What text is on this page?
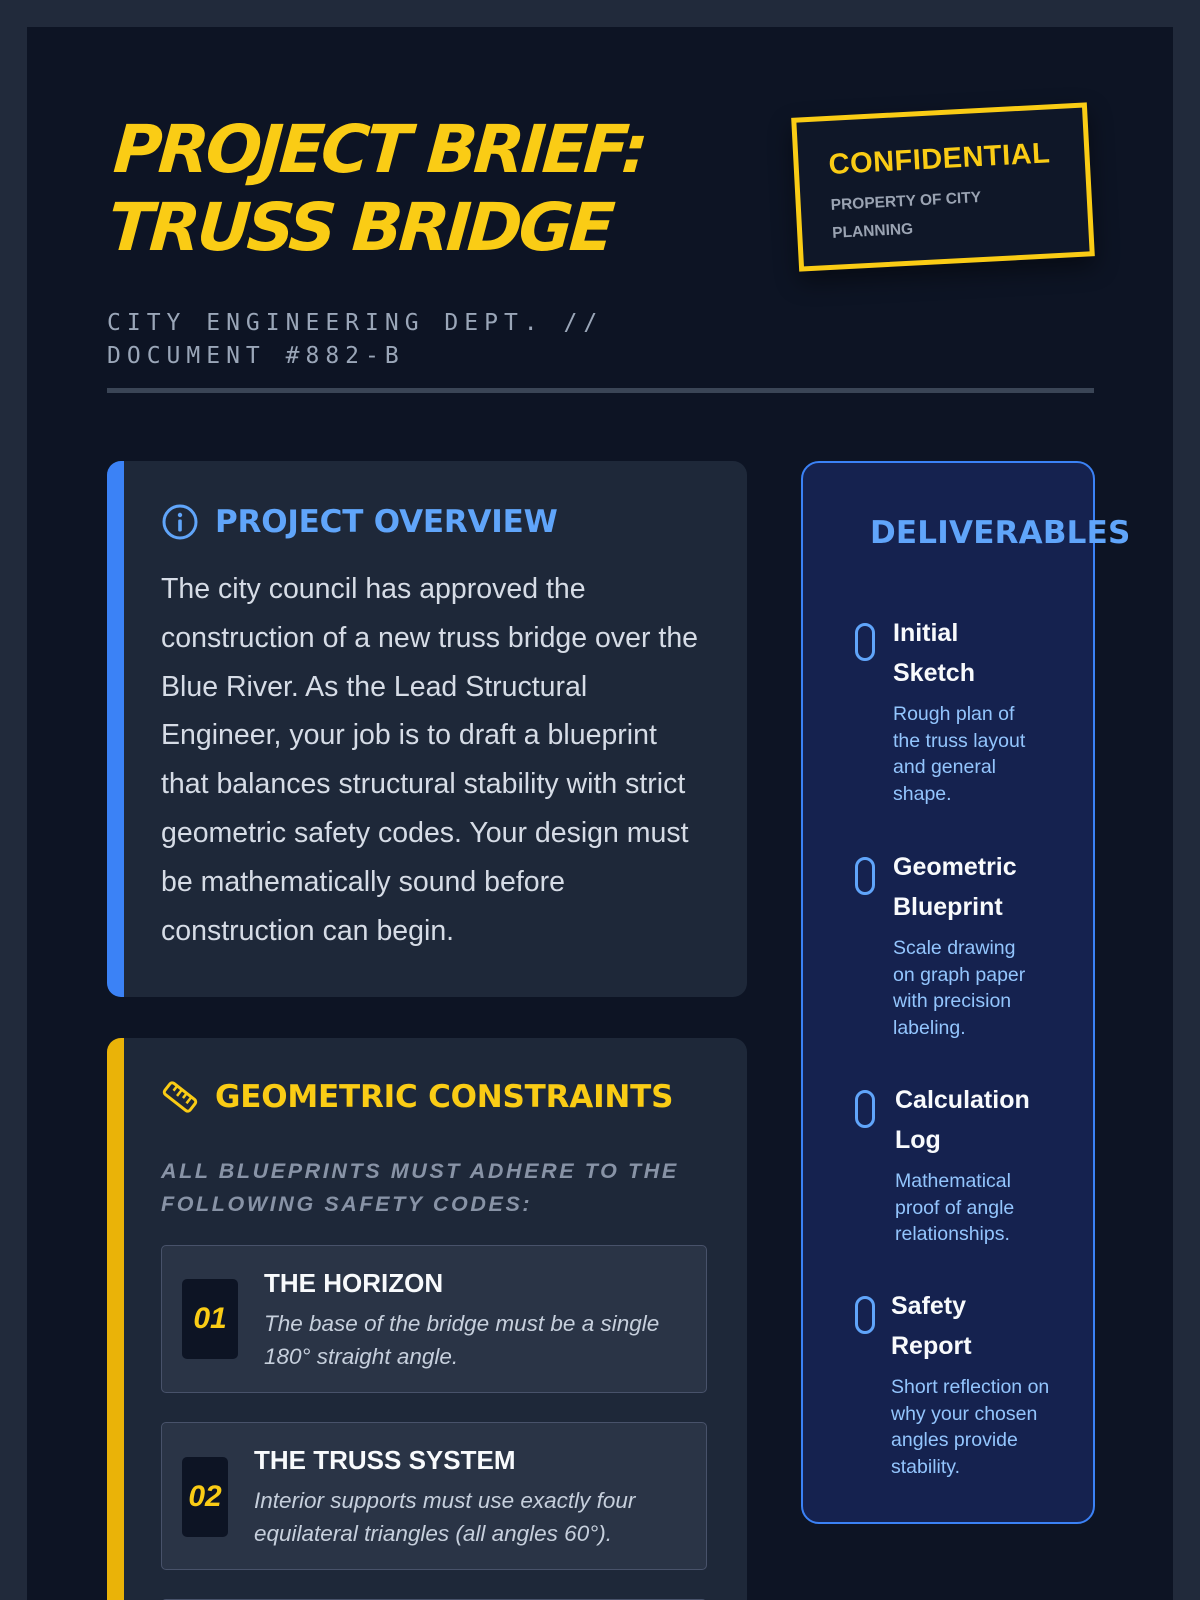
PROJECT BRIEF:
TRUSS BRIDGE
CITY ENGINEERING DEPT. // DOCUMENT #882-B
CONFIDENTIAL
PROPERTY OF CITY PLANNING
PROJECT OVERVIEW

The city council has approved the construction of a new truss bridge over the Blue River. As the Lead Structural Engineer, your job is to draft a blueprint that balances structural stability with strict geometric safety codes. Your design must be mathematically sound before construction can begin.

GEOMETRIC CONSTRAINTS

ALL BLUEPRINTS MUST ADHERE TO THE FOLLOWING SAFETY CODES:

01
THE HORIZON
The base of the bridge must be a single 180° straight angle.
02
THE TRUSS SYSTEM
Interior supports must use exactly four equilateral triangles (all angles 60°).
DELIVERABLES
Initial Sketch
Rough plan of the truss layout and general shape.
Geometric Blueprint
Scale drawing on graph paper with precision labeling.
Calculation Log
Mathematical proof of angle relationships.
Safety Report
Short reflection on why your chosen angles provide stability.
